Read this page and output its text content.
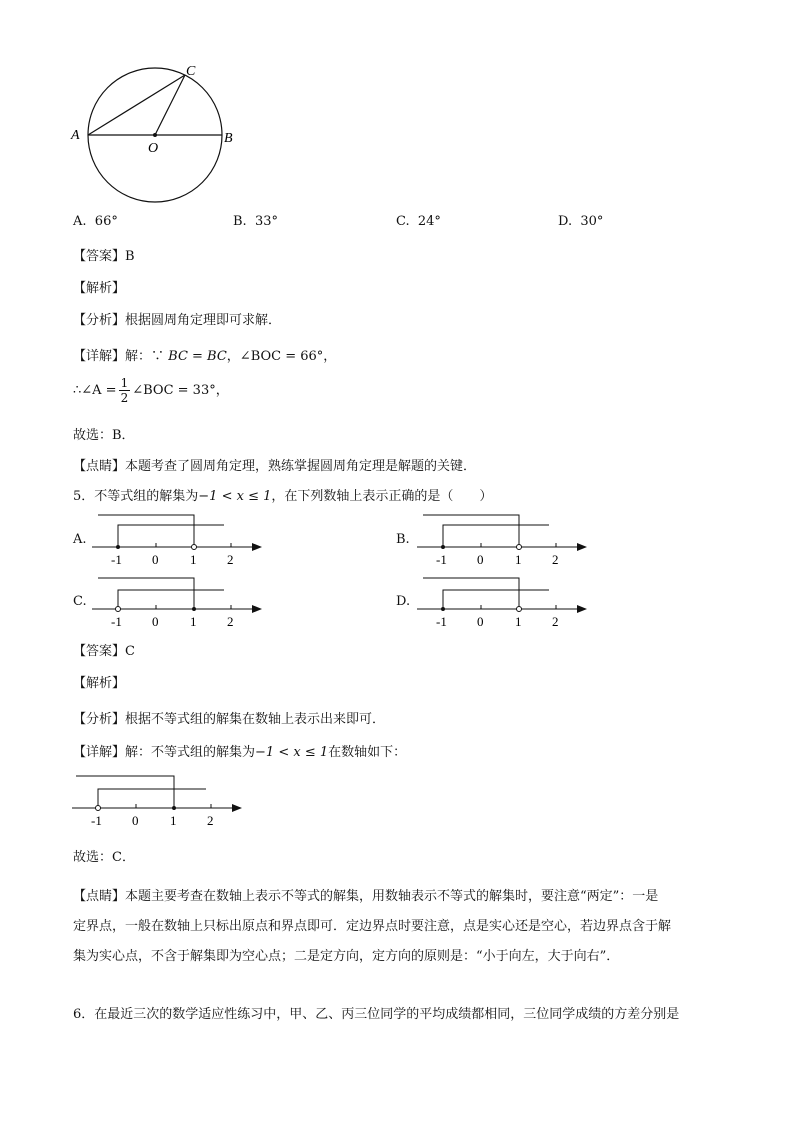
A	B
C
O
A. 66°	B. 33°	C. 24°	D. 30°
【答案】B
【解析】
【分析】根据圆周角定理即可求解．
【详解】解：∵ BC = BC，∠BOC = 66°，
∴∠A = $\frac{1}{2}$ ∠BOC = 33°，
故选：B．
【点睛】本题考查了圆周角定理，熟练掌握圆周角定理是解题的关键．
5．不等式组的解集为−1 < x ≤ 1，在下列数轴上表示正确的是（　　）
A.
-1 0 1 2
B.
-1 0 1 2
C.
-1 0 1 2
D.
-1 0 1 2
【答案】C
【解析】
【分析】根据不等式组的解集在数轴上表示出来即可．
【详解】解：不等式组的解集为−1 < x ≤ 1在数轴如下：
-1 0 1 2
故选：C．
【点睛】本题主要考查在数轴上表示不等式的解集，用数轴表示不等式的解集时，要注意“两定”：一是
定界点，一般在数轴上只标出原点和界点即可．定边界点时要注意，点是实心还是空心，若边界点含于解
集为实心点，不含于解集即为空心点；二是定方向，定方向的原则是：“小于向左，大于向右”．
6．在最近三次的数学适应性练习中，甲、乙、丙三位同学的平均成绩都相同，三位同学成绩的方差分别是
